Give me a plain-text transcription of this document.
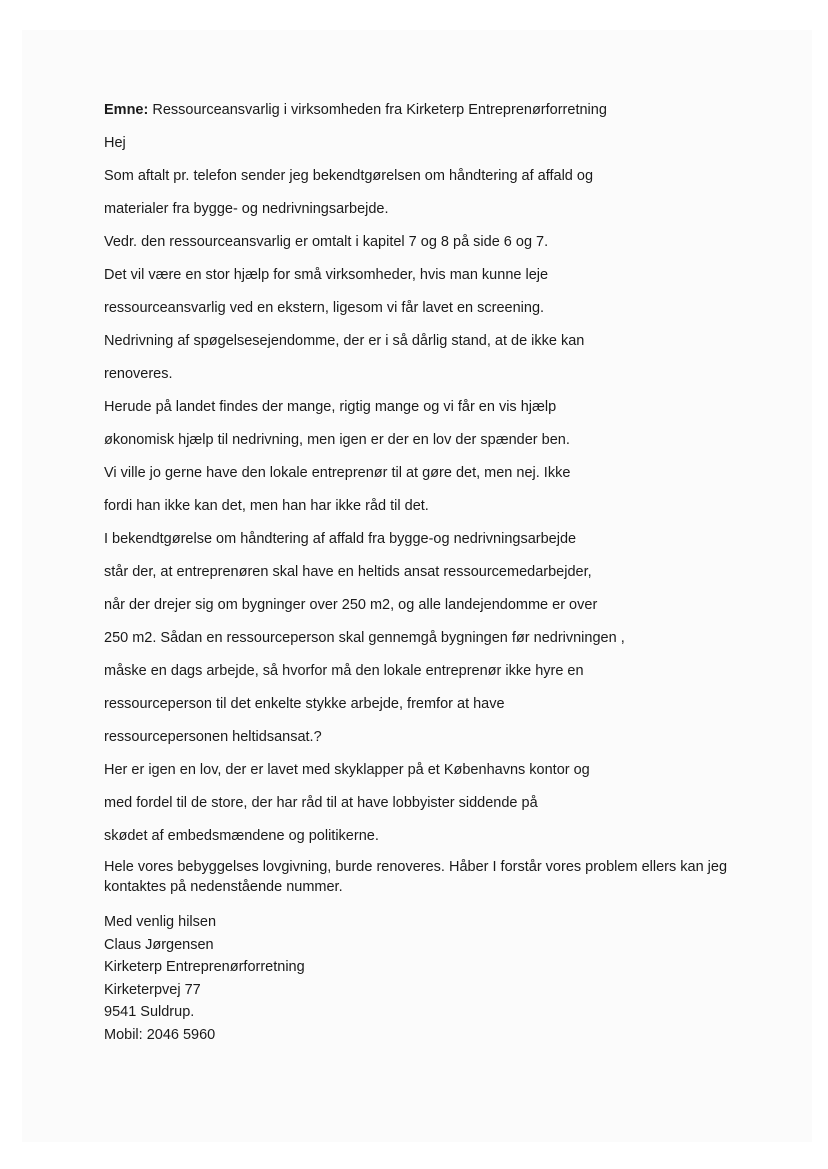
Emne: Ressourceansvarlig i virksomheden fra Kirketerp Entreprenørforretning
Hej
Som aftalt pr. telefon sender jeg bekendtgørelsen om håndtering af affald og
materialer fra bygge- og nedrivningsarbejde.
Vedr. den ressourceansvarlig er omtalt i kapitel 7 og 8 på side 6 og 7.
Det vil være en stor hjælp for små virksomheder, hvis man kunne leje
ressourceansvarlig ved en ekstern, ligesom vi får lavet en screening.
Nedrivning af spøgelsesejendomme, der er i så dårlig stand, at de ikke kan
renoveres.
Herude på landet findes der mange, rigtig mange og vi får en vis hjælp
økonomisk hjælp til nedrivning, men igen er der en lov der spænder ben.
Vi ville jo gerne have den lokale entreprenør til at gøre det, men nej. Ikke
fordi han ikke kan det, men han har ikke råd til det.
I bekendtgørelse om håndtering af affald fra bygge-og nedrivningsarbejde
står der, at entreprenøren skal have en heltids ansat ressourcemedarbejder,
når der drejer sig om bygninger over 250 m2, og alle landejendomme er over
250 m2. Sådan en ressourceperson skal gennemgå bygningen før nedrivningen ,
måske en dags arbejde, så hvorfor må den lokale entreprenør ikke hyre en
ressourceperson til det enkelte stykke arbejde, fremfor at have
ressourcepersonen heltidsansat.?
Her er igen en lov, der er lavet med skyklapper på et Københavns kontor og
med fordel til de store, der har råd til at have lobbyister siddende på
skødet af embedsmændene og politikerne.
Hele vores bebyggelses lovgivning, burde renoveres. Håber I forstår vores problem ellers kan jeg kontaktes på nedenstående nummer.
Med venlig hilsen
Claus Jørgensen
Kirketerp Entreprenørforretning
Kirketerpvej 77
9541 Suldrup.
Mobil: 2046 5960
